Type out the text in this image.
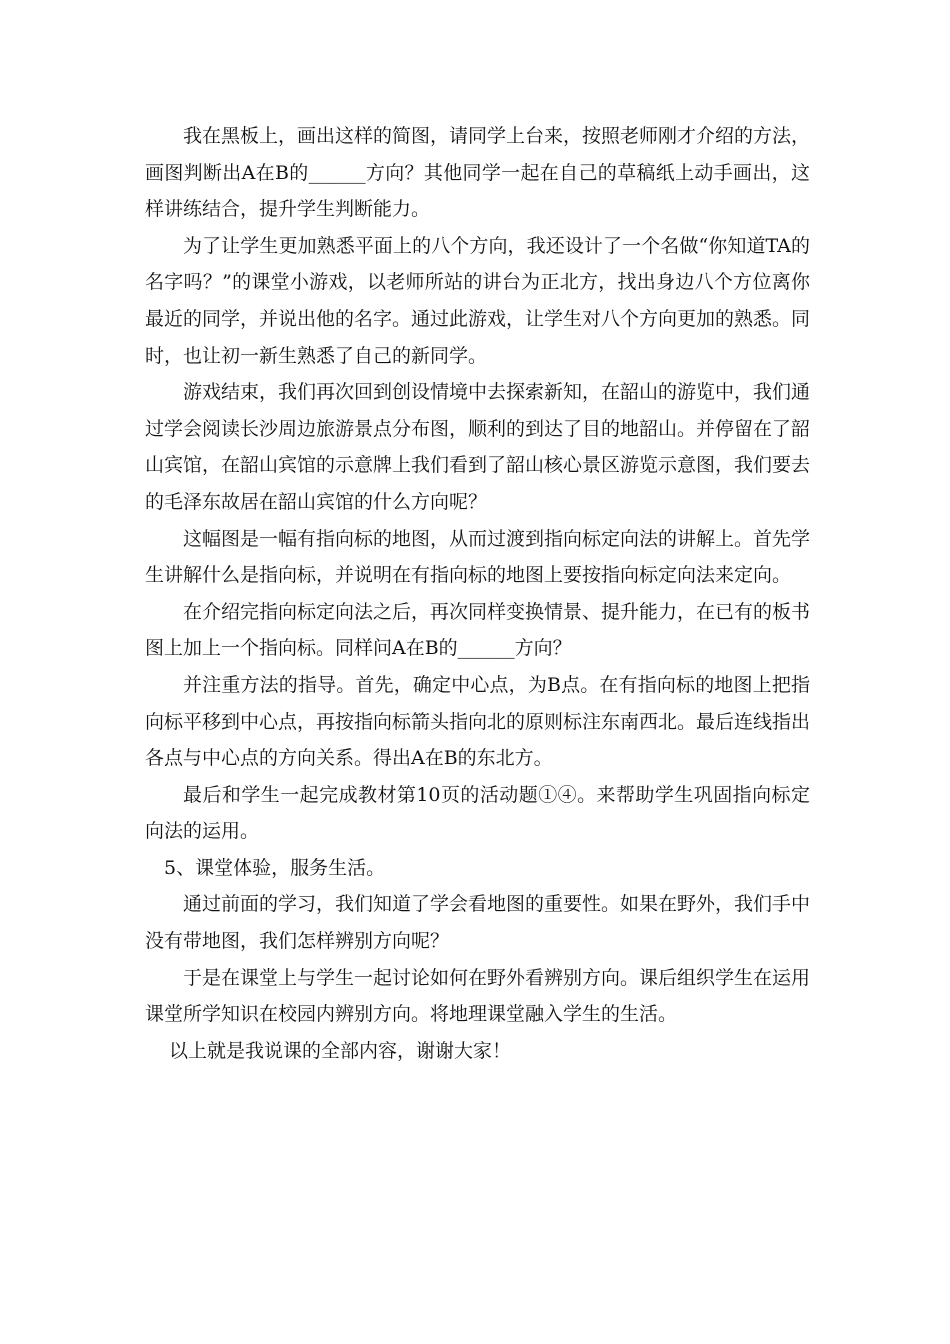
我在黑板上，画出这样的简图，请同学上台来，按照老师刚才介绍的方法，画图判断出A在B的______方向？其他同学一起在自己的草稿纸上动手画出，这样讲练结合，提升学生判断能力。

为了让学生更加熟悉平面上的八个方向，我还设计了一个名做“你知道TA的名字吗？”的课堂小游戏，以老师所站的讲台为正北方，找出身边八个方位离你最近的同学，并说出他的名字。通过此游戏，让学生对八个方向更加的熟悉。同时，也让初一新生熟悉了自己的新同学。

游戏结束，我们再次回到创设情境中去探索新知，在韶山的游览中，我们通过学会阅读长沙周边旅游景点分布图，顺利的到达了目的地韶山。并停留在了韶山宾馆，在韶山宾馆的示意牌上我们看到了韶山核心景区游览示意图，我们要去的毛泽东故居在韶山宾馆的什么方向呢？

这幅图是一幅有指向标的地图，从而过渡到指向标定向法的讲解上。首先学生讲解什么是指向标，并说明在有指向标的地图上要按指向标定向法来定向。

在介绍完指向标定向法之后，再次同样变换情景、提升能力，在已有的板书图上加上一个指向标。同样问A在B的______方向？

并注重方法的指导。首先，确定中心点，为B点。在有指向标的地图上把指向标平移到中心点，再按指向标箭头指向北的原则标注东南西北。最后连线指出各点与中心点的方向关系。得出A在B的东北方。

最后和学生一起完成教材第10页的活动题①④。来帮助学生巩固指向标定向法的运用。

5、课堂体验，服务生活。

通过前面的学习，我们知道了学会看地图的重要性。如果在野外，我们手中没有带地图，我们怎样辨别方向呢？

于是在课堂上与学生一起讨论如何在野外看辨别方向。课后组织学生在运用课堂所学知识在校园内辨别方向。将地理课堂融入学生的生活。

以上就是我说课的全部内容，谢谢大家！
